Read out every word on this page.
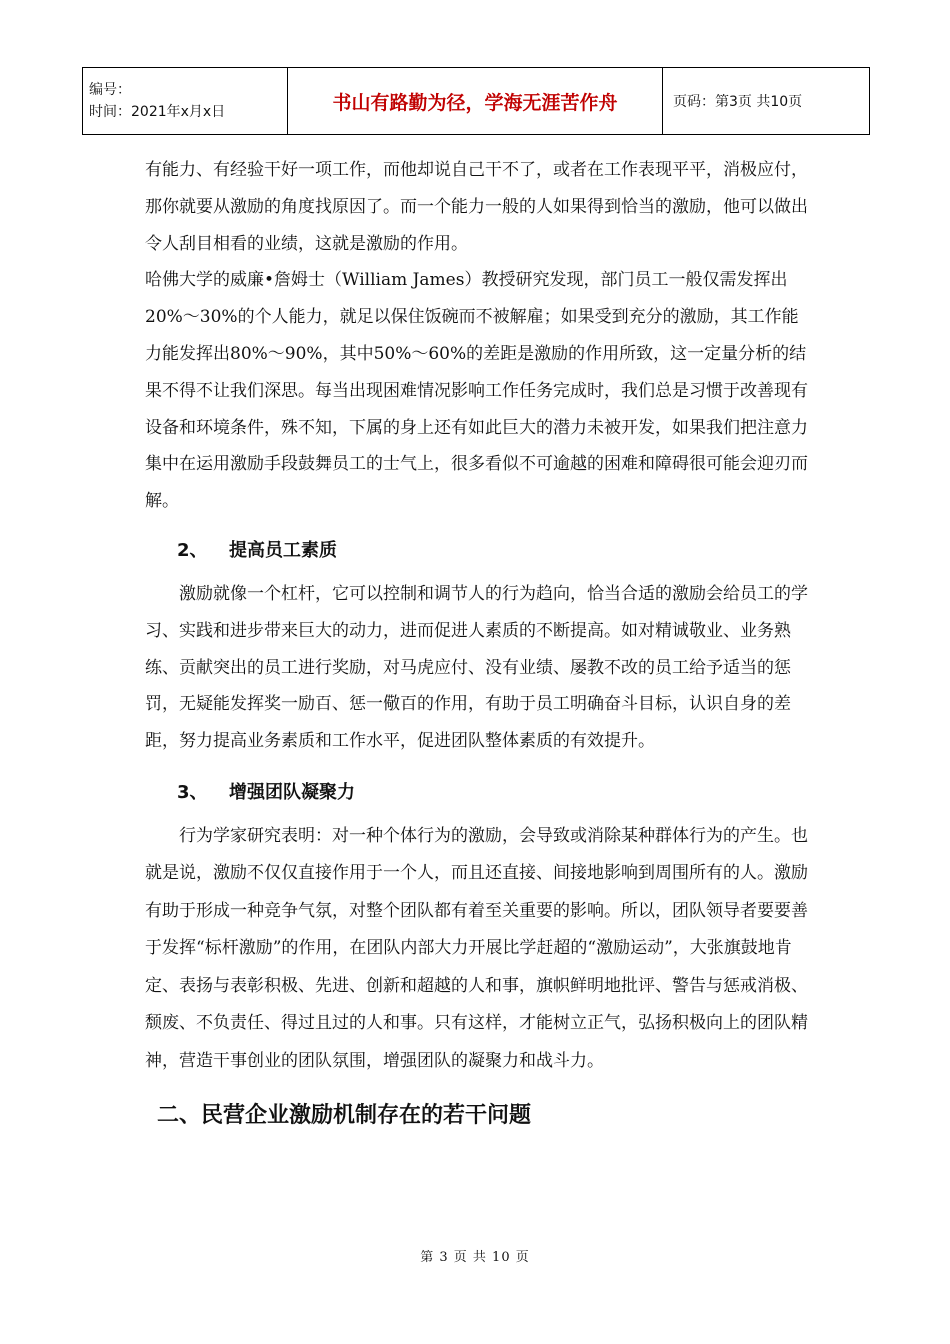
编号：
时间：2021年x月x日	书山有路勤为径，学海无涯苦作舟	页码：第3页 共10页

有能力、有经验干好一项工作，而他却说自己干不了，或者在工作表现平平，消极应付，那你就要从激励的角度找原因了。而一个能力一般的人如果得到恰当的激励，他可以做出令人刮目相看的业绩，这就是激励的作用。

哈佛大学的威廉•詹姆士（William James）教授研究发现，部门员工一般仅需发挥出20%～30%的个人能力，就足以保住饭碗而不被解雇；如果受到充分的激励，其工作能力能发挥出80%～90%，其中50%～60%的差距是激励的作用所致，这一定量分析的结果不得不让我们深思。每当出现困难情况影响工作任务完成时，我们总是习惯于改善现有设备和环境条件，殊不知，下属的身上还有如此巨大的潜力未被开发，如果我们把注意力集中在运用激励手段鼓舞员工的士气上，很多看似不可逾越的困难和障碍很可能会迎刃而解。

2、 提高员工素质

激励就像一个杠杆，它可以控制和调节人的行为趋向，恰当合适的激励会给员工的学习、实践和进步带来巨大的动力，进而促进人素质的不断提高。如对精诚敬业、业务熟练、贡献突出的员工进行奖励，对马虎应付、没有业绩、屡教不改的员工给予适当的惩罚，无疑能发挥奖一励百、惩一儆百的作用，有助于员工明确奋斗目标，认识自身的差距，努力提高业务素质和工作水平，促进团队整体素质的有效提升。

3、 增强团队凝聚力

行为学家研究表明：对一种个体行为的激励，会导致或消除某种群体行为的产生。也就是说，激励不仅仅直接作用于一个人，而且还直接、间接地影响到周围所有的人。激励有助于形成一种竞争气氛，对整个团队都有着至关重要的影响。所以，团队领导者要要善于发挥“标杆激励”的作用，在团队内部大力开展比学赶超的“激励运动”，大张旗鼓地肯定、表扬与表彰积极、先进、创新和超越的人和事，旗帜鲜明地批评、警告与惩戒消极、颓废、不负责任、得过且过的人和事。只有这样，才能树立正气，弘扬积极向上的团队精神，营造干事创业的团队氛围，增强团队的凝聚力和战斗力。

二、民营企业激励机制存在的若干问题

第 3 页 共 10 页
